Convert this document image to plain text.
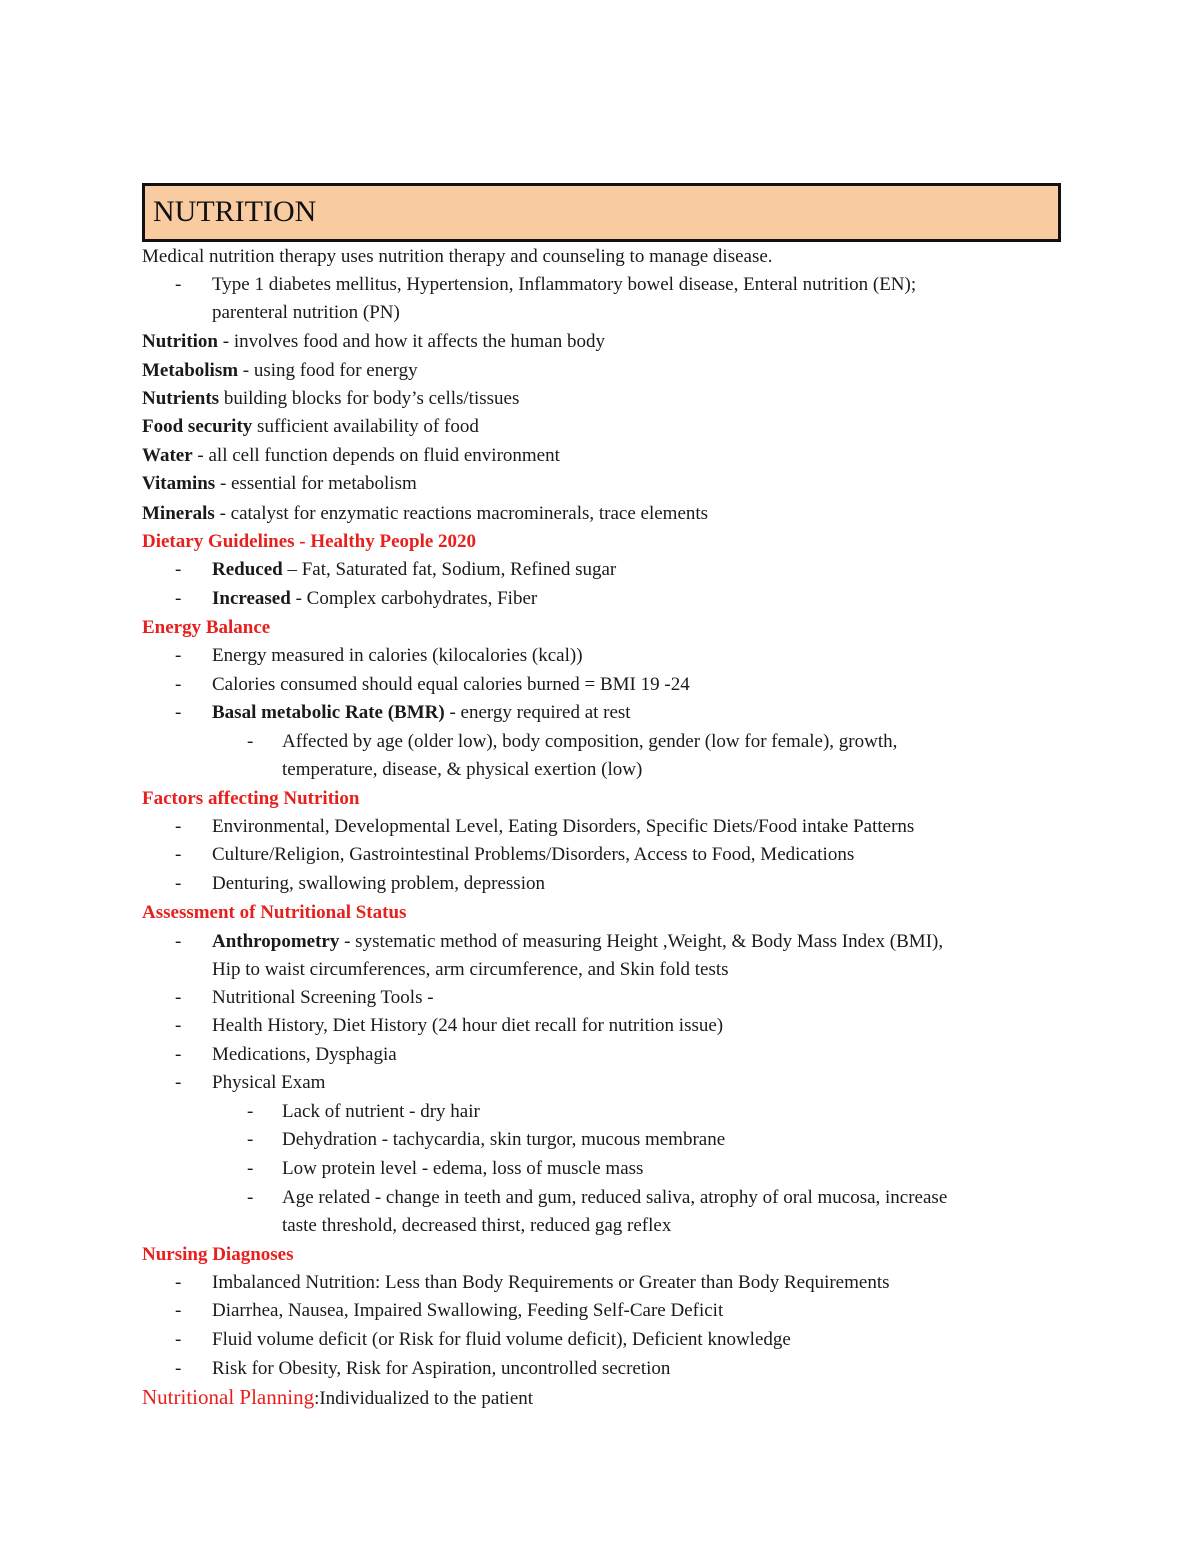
NUTRITION
Medical nutrition therapy uses nutrition therapy and counseling to manage disease.
- Type 1 diabetes mellitus, Hypertension, Inflammatory bowel disease, Enteral nutrition (EN);
parenteral nutrition (PN)
Nutrition - involves food and how it affects the human body
Metabolism - using food for energy
Nutrients building blocks for body’s cells/tissues
Food security sufficient availability of food
Water - all cell function depends on fluid environment
Vitamins - essential for metabolism
Minerals - catalyst for enzymatic reactions macrominerals, trace elements
Dietary Guidelines - Healthy People 2020
- Reduced – Fat, Saturated fat, Sodium, Refined sugar
- Increased - Complex carbohydrates, Fiber
Energy Balance
- Energy measured in calories (kilocalories (kcal))
- Calories consumed should equal calories burned = BMI 19 -24
- Basal metabolic Rate (BMR) - energy required at rest
- Affected by age (older low), body composition, gender (low for female), growth,
temperature, disease, & physical exertion (low)
Factors affecting Nutrition
- Environmental, Developmental Level, Eating Disorders, Specific Diets/Food intake Patterns
- Culture/Religion, Gastrointestinal Problems/Disorders, Access to Food, Medications
- Denturing, swallowing problem, depression
Assessment of Nutritional Status
- Anthropometry - systematic method of measuring Height ,Weight, & Body Mass Index (BMI),
Hip to waist circumferences, arm circumference, and Skin fold tests
- Nutritional Screening Tools -
- Health History, Diet History (24 hour diet recall for nutrition issue)
- Medications, Dysphagia
- Physical Exam
- Lack of nutrient - dry hair
- Dehydration - tachycardia, skin turgor, mucous membrane
- Low protein level - edema, loss of muscle mass
- Age related - change in teeth and gum, reduced saliva, atrophy of oral mucosa, increase
taste threshold, decreased thirst, reduced gag reflex
Nursing Diagnoses
- Imbalanced Nutrition: Less than Body Requirements or Greater than Body Requirements
- Diarrhea, Nausea, Impaired Swallowing, Feeding Self-Care Deficit
- Fluid volume deficit (or Risk for fluid volume deficit), Deficient knowledge
- Risk for Obesity, Risk for Aspiration, uncontrolled secretion
Nutritional Planning:Individualized to the patient
